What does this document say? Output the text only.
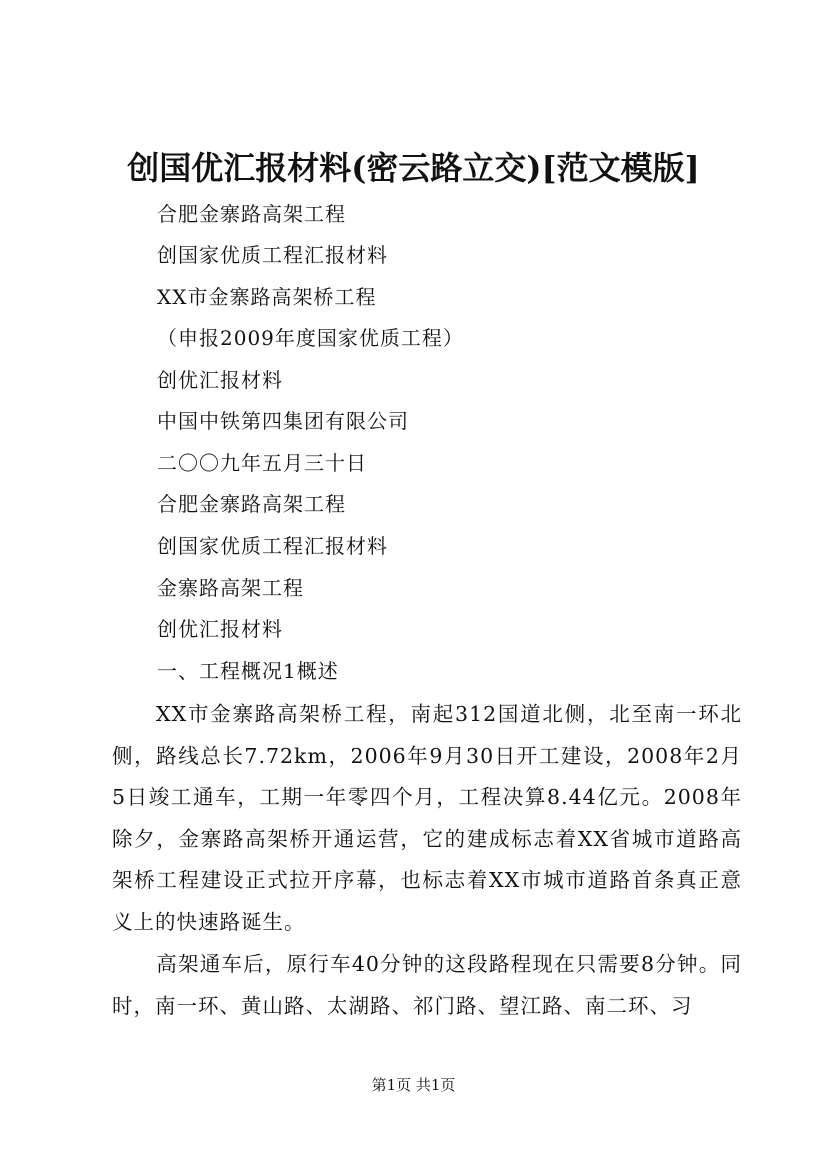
创国优汇报材料(密云路立交)[范文模版]
合肥金寨路高架工程
创国家优质工程汇报材料
XX市金寨路高架桥工程
（申报2009年度国家优质工程）
创优汇报材料
中国中铁第四集团有限公司
二〇〇九年五月三十日
合肥金寨路高架工程
创国家优质工程汇报材料
金寨路高架工程
创优汇报材料
一、工程概况1概述
XX市金寨路高架桥工程，南起312国道北侧，北至南一环北侧，路线总长7.72km，2006年9月30日开工建设，2008年2月5日竣工通车，工期一年零四个月，工程决算8.44亿元。2008年除夕，金寨路高架桥开通运营，它的建成标志着XX省城市道路高架桥工程建设正式拉开序幕，也标志着XX市城市道路首条真正意义上的快速路诞生。
高架通车后，原行车40分钟的这段路程现在只需要8分钟。同时，南一环、黄山路、太湖路、祁门路、望江路、南二环、习
第1页 共1页
